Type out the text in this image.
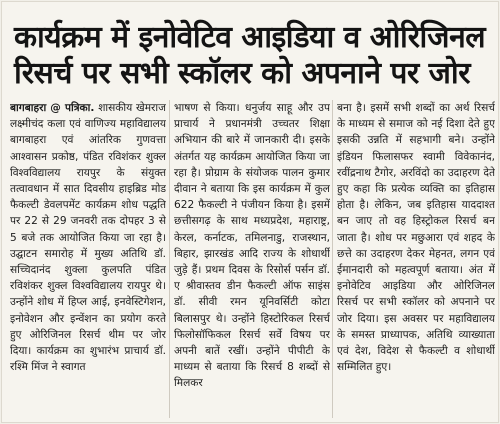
कार्यक्रम में इनोवेटिव आइडिया व ओरिजिनल
रिसर्च पर सभी स्कॉलर को अपनाने पर जोर
बागबाहरा @ पत्रिका. शासकीय खेमराज लक्ष्मीचंद कला एवं वाणिज्य महाविद्यालय बागबाहरा एवं आंतरिक गुणवत्ता आश्वासन प्रकोष्ठ, पंडित रविशंकर शुक्ल विश्वविद्यालय रायपुर के संयुक्त तत्वावधान में सात दिवसीय हाइब्रिड मोड फैकल्टी डेवलपमेंट कार्यक्रम शोध पद्धति पर 22 से 29 जनवरी तक दोपहर 3 से 5 बजे तक आयोजित किया जा रहा है। उद्घाटन समारोह में मुख्य अतिथि डॉ. सच्चिदानंद शुक्ला कुलपति पंडित रविशंकर शुक्ल विश्वविद्यालय रायपुर थे। उन्होंने शोध में हिप्ल आई, इनवेस्टिगेशन, इनोवेशन और इन्वेंशन का प्रयोग करते हुए ओरिजिनल रिसर्च थीम पर जोर दिया। कार्यक्रम का शुभारंभ प्राचार्य डॉ. रश्मि मिंज ने स्वागत
भाषण से किया। धनुर्जय साहू और उप प्राचार्य ने प्रधानमंत्री उच्चतर शिक्षा अभियान की बारे में जानकारी दी। इसके अंतर्गत यह कार्यक्रम आयोजित किया जा रहा है। प्रोग्राम के संयोजक पालन कुमार दीवान ने बताया कि इस कार्यक्रम में कुल 622 फैकल्टी ने पंजीयन किया है। इसमें छत्तीसगढ़ के साथ मध्यप्रदेश, महाराष्ट्र, केरल, कर्नाटक, तमिलनाडु, राजस्थान, बिहार, झारखंड आदि राज्य के शोधार्थी जुड़े हैं। प्रथम दिवस के रिसोर्स पर्सन डॉ. ए श्रीवास्तव डीन फैकल्टी ऑफ साइंस डॉ. सीवी रमन यूनिवर्सिटी कोटा बिलासपुर थे। उन्होंने हिस्टोरिकल रिसर्च फिलोसॉफिकल रिसर्च सर्वे विषय पर अपनी बातें रखीं। उन्होंने पीपीटी के माध्यम से बताया कि रिसर्च 8 शब्दों से मिलकर
बना है। इसमें सभी शब्दों का अर्थ रिसर्च के माध्यम से समाज को नई दिशा देते हुए इसकी उन्नति में सहभागी बने। उन्होंने इंडियन फिलासफर स्वामी विवेकानंद, रवींद्रनाथ टैगोर, अरविंदो का उदाहरण देते हुए कहा कि प्रत्येक व्यक्ति का इतिहास होता है। लेकिन, जब इतिहास याददाश्त बन जाए तो वह हिस्ट्रोकल रिसर्च बन जाता है। शोध पर मछुआरा एवं शहद के छत्ते का उदाहरण देकर मेहनत, लगन एवं ईमानदारी को महत्वपूर्ण बताया। अंत में इनोवेटिव आइडिया और ओरिजिनल रिसर्च पर सभी स्कॉलर को अपनाने पर जोर दिया। इस अवसर पर महाविद्यालय के समस्त प्राध्यापक, अतिथि व्याख्याता एवं देश, विदेश से फैकल्टी व शोधार्थी सम्मिलित हुए।
